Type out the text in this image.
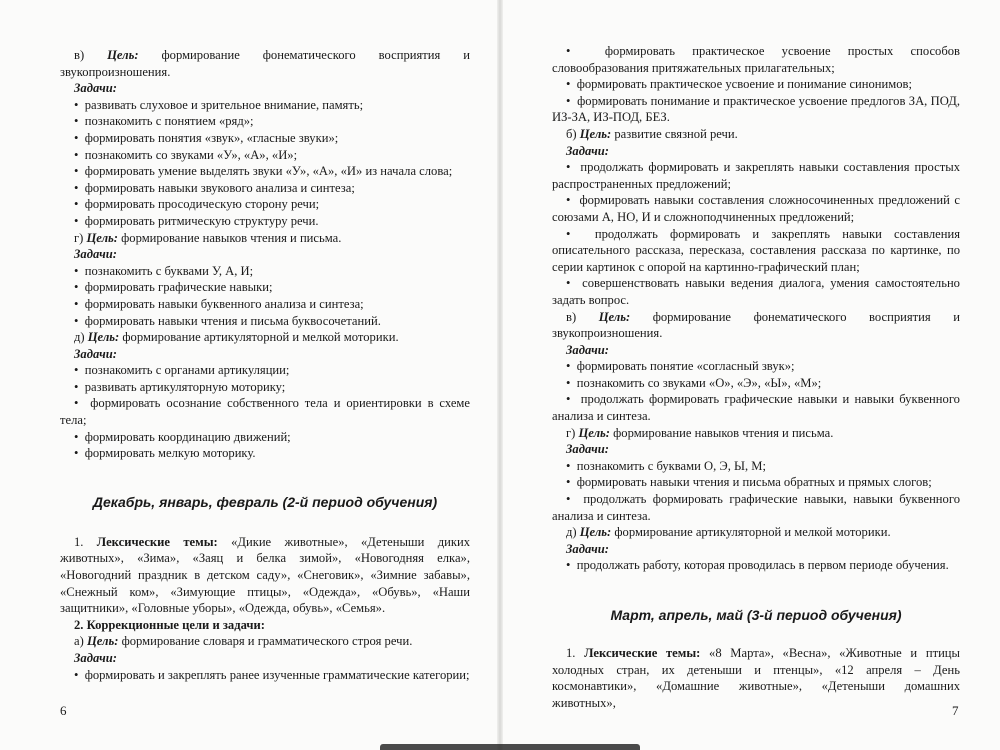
в) Цель: формирование фонематического восприятия и звукопроизношения.

Задачи:

•  развивать слуховое и зрительное внимание, память;

•  познакомить с понятием «ряд»;

•  формировать понятия «звук», «гласные звуки»;

•  познакомить со звуками «У», «А», «И»;

•  формировать умение выделять звуки «У», «А», «И» из начала слова;

•  формировать навыки звукового анализа и синтеза;

•  формировать просодическую сторону речи;

•  формировать ритмическую структуру речи.

г) Цель: формирование навыков чтения и письма.

Задачи:

•  познакомить с буквами У, А, И;

•  формировать графические навыки;

•  формировать навыки буквенного анализа и синтеза;

•  формировать навыки чтения и письма буквосочетаний.

д) Цель: формирование артикуляторной и мелкой моторики.

Задачи:

•  познакомить с органами артикуляции;

•  развивать артикуляторную моторику;

•  формировать осознание собственного тела и ориентировки в схеме тела;

•  формировать координацию движений;

•  формировать мелкую моторику.

Декабрь, январь, февраль (2-й период обучения)

1. Лексические темы: «Дикие животные», «Детеныши диких животных», «Зима», «Заяц и белка зимой», «Новогодняя елка», «Новогодний праздник в детском саду», «Снеговик», «Зимние забавы», «Снежный ком», «Зимующие птицы», «Одежда», «Обувь», «Наши защитники», «Головные уборы», «Одежда, обувь», «Семья».

2. Коррекционные цели и задачи:

а) Цель: формирование словаря и грамматического строя речи.

Задачи:

•  формировать и закреплять ранее изученные грамматические категории;

6

•  формировать практическое усвоение простых способов словообразования притяжательных прилагательных;

•  формировать практическое усвоение и понимание синонимов;

•  формировать понимание и практическое усвоение предлогов ЗА, ПОД, ИЗ-ЗА, ИЗ-ПОД, БЕЗ.

б) Цель: развитие связной речи.

Задачи:

•  продолжать формировать и закреплять навыки составления простых распространенных предложений;

•  формировать навыки составления сложносочиненных предложений с союзами А, НО, И и сложноподчиненных предложений;

•  продолжать формировать и закреплять навыки составления описательного рассказа, пересказа, составления рассказа по картинке, по серии картинок с опорой на картинно-графический план;

•  совершенствовать навыки ведения диалога, умения самостоятельно задать вопрос.

в) Цель: формирование фонематического восприятия и звукопроизношения.

Задачи:

•  формировать понятие «согласный звук»;

•  познакомить со звуками «О», «Э», «Ы», «М»;

•  продолжать формировать графические навыки и навыки буквенного анализа и синтеза.

г) Цель: формирование навыков чтения и письма.

Задачи:

•  познакомить с буквами О, Э, Ы, М;

•  формировать навыки чтения и письма обратных и прямых слогов;

•  продолжать формировать графические навыки, навыки буквенного анализа и синтеза.

д) Цель: формирование артикуляторной и мелкой моторики.

Задачи:

•  продолжать работу, которая проводилась в первом периоде обучения.

Март, апрель, май (3-й период обучения)

1. Лексические темы: «8 Марта», «Весна», «Животные и птицы холодных стран, их детеныши и птенцы», «12 апреля – День космонавтики», «Домашние животные», «Детеныши домашних животных»,

7
